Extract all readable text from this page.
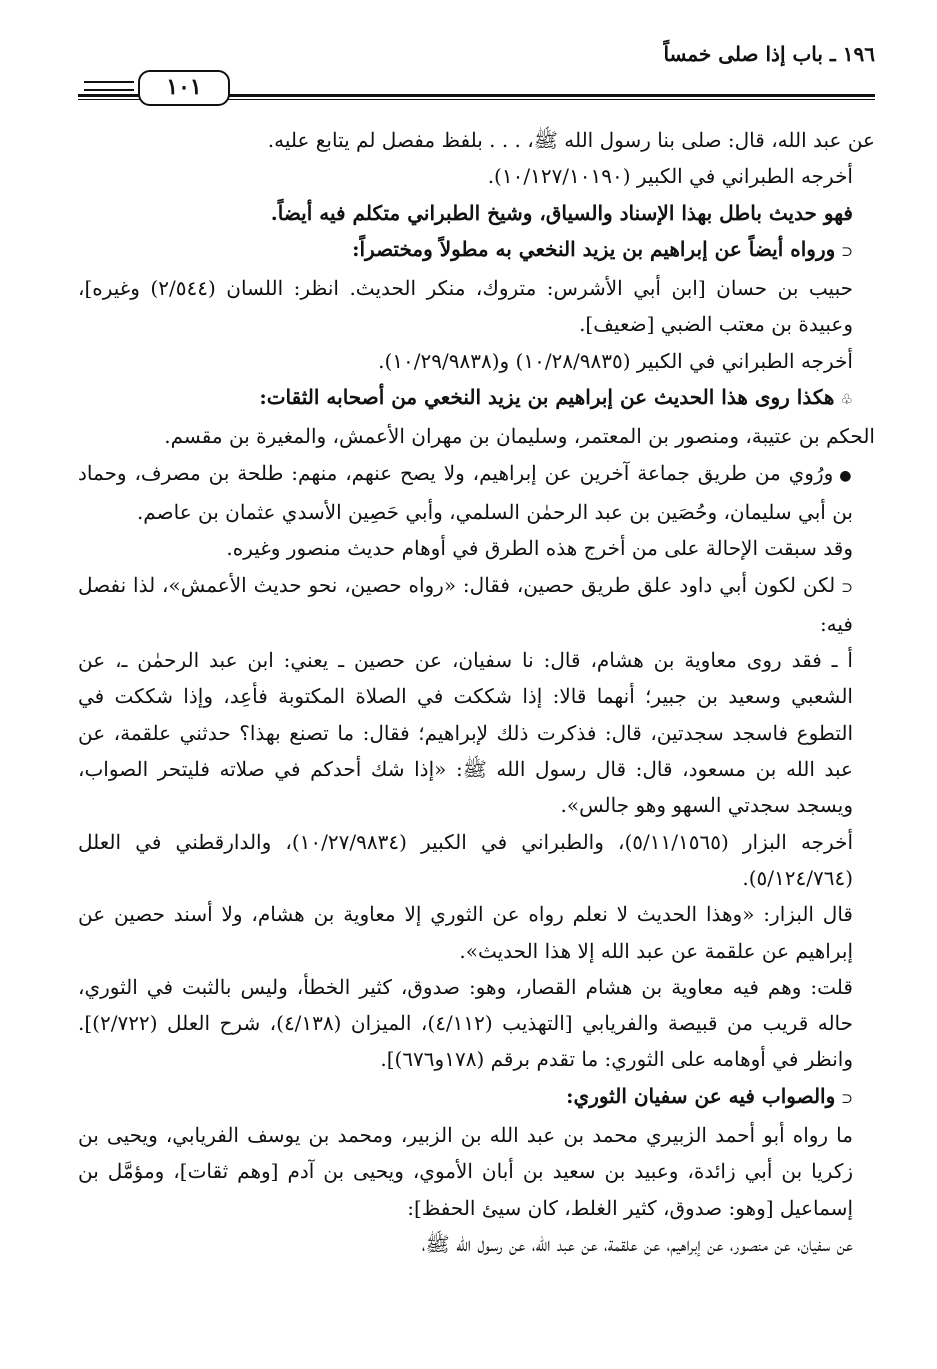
١٩٦ ـ باب إذا صلى خمساً
١٠١

عن عبد الله، قال: صلى بنا رسول الله ﷺ، . . . بلفظ مفصل لم يتابع عليه.

أخرجه الطبراني في الكبير (١٠/١٢٧/١٠١٩٠).

فهو حديث باطل بهذا الإسناد والسياق، وشيخ الطبراني متكلم فيه أيضاً.

⊂ورواه أيضاً عن إبراهيم بن يزيد النخعي به مطولاً ومختصراً:

حبيب بن حسان [ابن أبي الأشرس: متروك، منكر الحديث. انظر: اللسان (٢/٥٤٤) وغيره]، وعبيدة بن معتب الضبي [ضعيف].

أخرجه الطبراني في الكبير (١٠/٢٨/٩٨٣٥) و(١٠/٢٩/٩٨٣٨).

♧هكذا روى هذا الحديث عن إبراهيم بن يزيد النخعي من أصحابه الثقات:

الحكم بن عتيبة، ومنصور بن المعتمر، وسليمان بن مهران الأعمش، والمغيرة بن مقسم.

●ورُوي من طريق جماعة آخرين عن إبراهيم، ولا يصح عنهم، منهم: طلحة بن مصرف، وحماد بن أبي سليمان، وحُصَين بن عبد الرحمٰن السلمي، وأبي حَصِين الأسدي عثمان بن عاصم.

وقد سبقت الإحالة على من أخرج هذه الطرق في أوهام حديث منصور وغيره.

⊂لكن لكون أبي داود علق طريق حصين، فقال: «رواه حصين، نحو حديث الأعمش»، لذا نفصل فيه:

أ ـ فقد روى معاوية بن هشام، قال: نا سفيان، عن حصين ـ يعني: ابن عبد الرحمٰن ـ، عن الشعبي وسعيد بن جبير؛ أنهما قالا: إذا شككت في الصلاة المكتوبة فأعِد، وإذا شككت في التطوع فاسجد سجدتين، قال: فذكرت ذلك لإبراهيم؛ فقال: ما تصنع بهذا؟ حدثني علقمة، عن عبد الله بن مسعود، قال: قال رسول الله ﷺ: «إذا شك أحدكم في صلاته فليتحر الصواب، ويسجد سجدتي السهو وهو جالس».

أخرجه البزار (٥/١١/١٥٦٥)، والطبراني في الكبير (١٠/٢٧/٩٨٣٤)، والدارقطني في العلل (٥/١٢٤/٧٦٤).

قال البزار: «وهذا الحديث لا نعلم رواه عن الثوري إلا معاوية بن هشام، ولا أسند حصين عن إبراهيم عن علقمة عن عبد الله إلا هذا الحديث».

قلت: وهم فيه معاوية بن هشام القصار، وهو: صدوق، كثير الخطأ، وليس بالثبت في الثوري، حاله قريب من قبيصة والفريابي [التهذيب (٤/١١٢)، الميزان (٤/١٣٨)، شرح العلل (٢/٧٢٢)]. وانظر في أوهامه على الثوري: ما تقدم برقم (١٧٨و٦٧٦)].

⊂والصواب فيه عن سفيان الثوري:

ما رواه أبو أحمد الزبيري محمد بن عبد الله بن الزبير، ومحمد بن يوسف الفريابي، ويحيى بن زكريا بن أبي زائدة، وعبيد بن سعيد بن أبان الأموي، ويحيى بن آدم [وهم ثقات]، ومؤمَّل بن إسماعيل [وهو: صدوق، كثير الغلط، كان سيئ الحفظ]:

عن سفيان، عن منصور، عن إبراهيم، عن علقمة، عن عبد الله، عن رسول الله ﷺ،
